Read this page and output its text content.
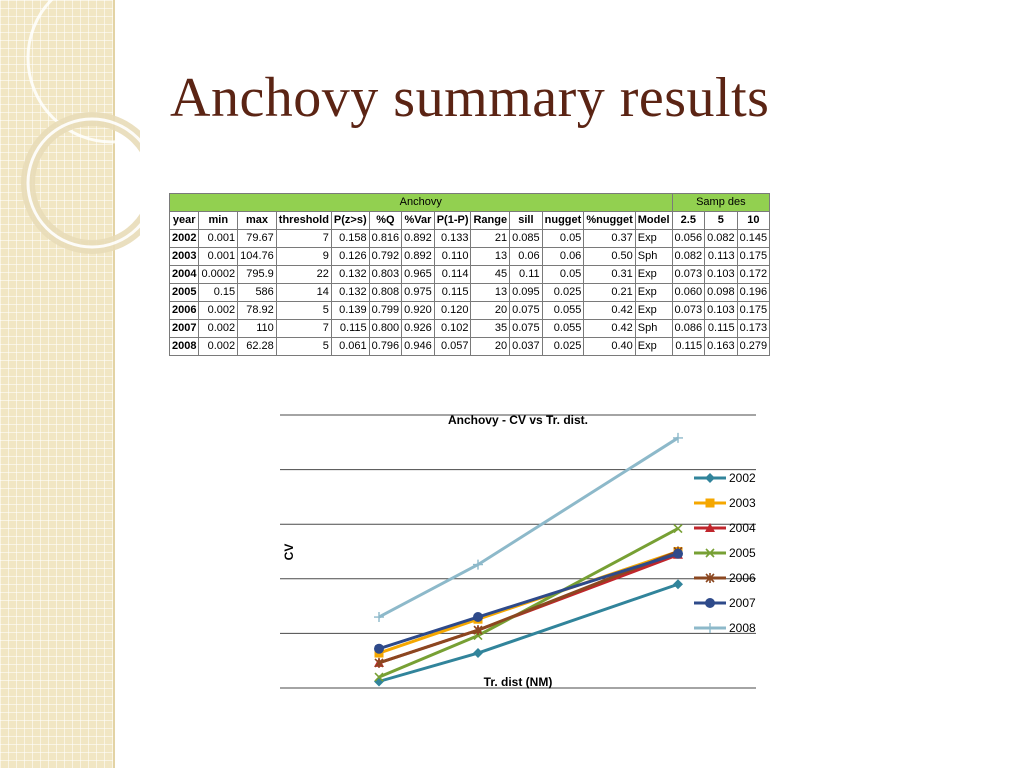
Anchovy summary results
Anchovy													Samp des		
year	min	max	threshold	P(z>s)	%Q	%Var	P(1-P)	Range	sill	nugget	%nugget	Model	2.5	5	10
2002	0.001	79.67	7	0.158	0.816	0.892	0.133	21	0.085	0.05	0.37	Exp	0.056	0.082	0.145
2003	0.001	104.76	9	0.126	0.792	0.892	0.110	13	0.06	0.06	0.50	Sph	0.082	0.113	0.175
2004	0.0002	795.9	22	0.132	0.803	0.965	0.114	45	0.11	0.05	0.31	Exp	0.073	0.103	0.172
2005	0.15	586	14	0.132	0.808	0.975	0.115	13	0.095	0.025	0.21	Exp	0.060	0.098	0.196
2006	0.002	78.92	5	0.139	0.799	0.920	0.120	20	0.075	0.055	0.42	Exp	0.073	0.103	0.175
2007	0.002	110	7	0.115	0.800	0.926	0.102	35	0.075	0.055	0.42	Sph	0.086	0.115	0.173
2008	0.002	62.28	5	0.061	0.796	0.946	0.057	20	0.037	0.025	0.40	Exp	0.115	0.163	0.279
Anchovy - CV vs Tr. dist.
Tr. dist (NM)
CV
2002
2003
2004
2005
2006
2007
2008
